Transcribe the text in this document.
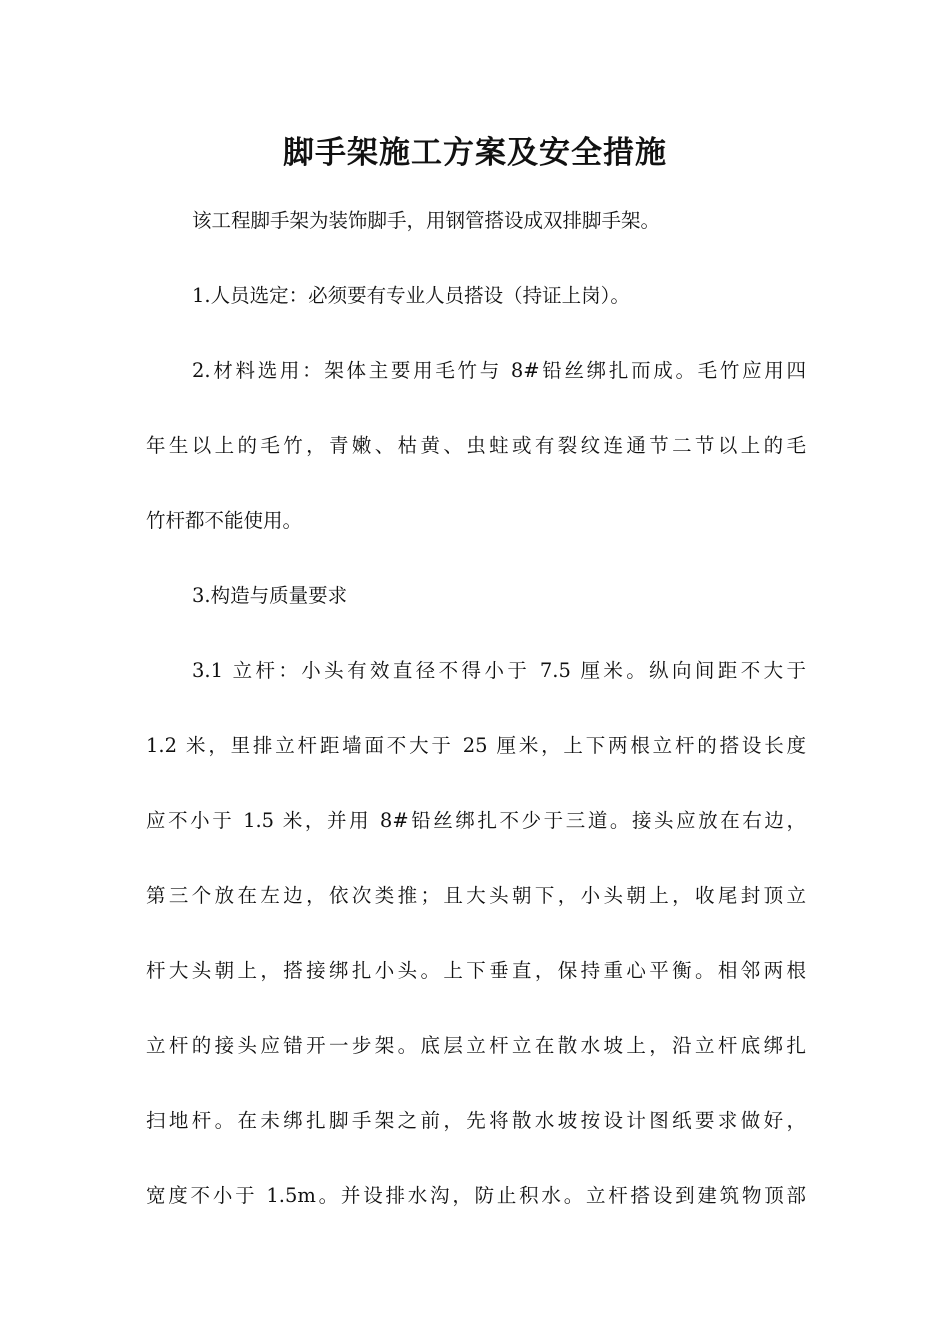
脚手架施工方案及安全措施
该工程脚手架为装饰脚手，用钢管搭设成双排脚手架。
1.人员选定：必须要有专业人员搭设（持证上岗）。
2.材料选用：架体主要用毛竹与 8#铅丝绑扎而成。毛竹应用四
年生以上的毛竹，青嫩、枯黄、虫蛀或有裂纹连通节二节以上的毛
竹杆都不能使用。
3.构造与质量要求
3.1 立杆：小头有效直径不得小于 7.5 厘米。纵向间距不大于
1.2 米，里排立杆距墙面不大于 25 厘米，上下两根立杆的搭设长度
应不小于 1.5 米，并用 8#铅丝绑扎不少于三道。接头应放在右边，
第三个放在左边，依次类推；且大头朝下，小头朝上，收尾封顶立
杆大头朝上，搭接绑扎小头。上下垂直，保持重心平衡。相邻两根
立杆的接头应错开一步架。底层立杆立在散水坡上，沿立杆底绑扎
扫地杆。在未绑扎脚手架之前，先将散水坡按设计图纸要求做好，
宽度不小于 1.5m。并设排水沟，防止积水。立杆搭设到建筑物顶部
